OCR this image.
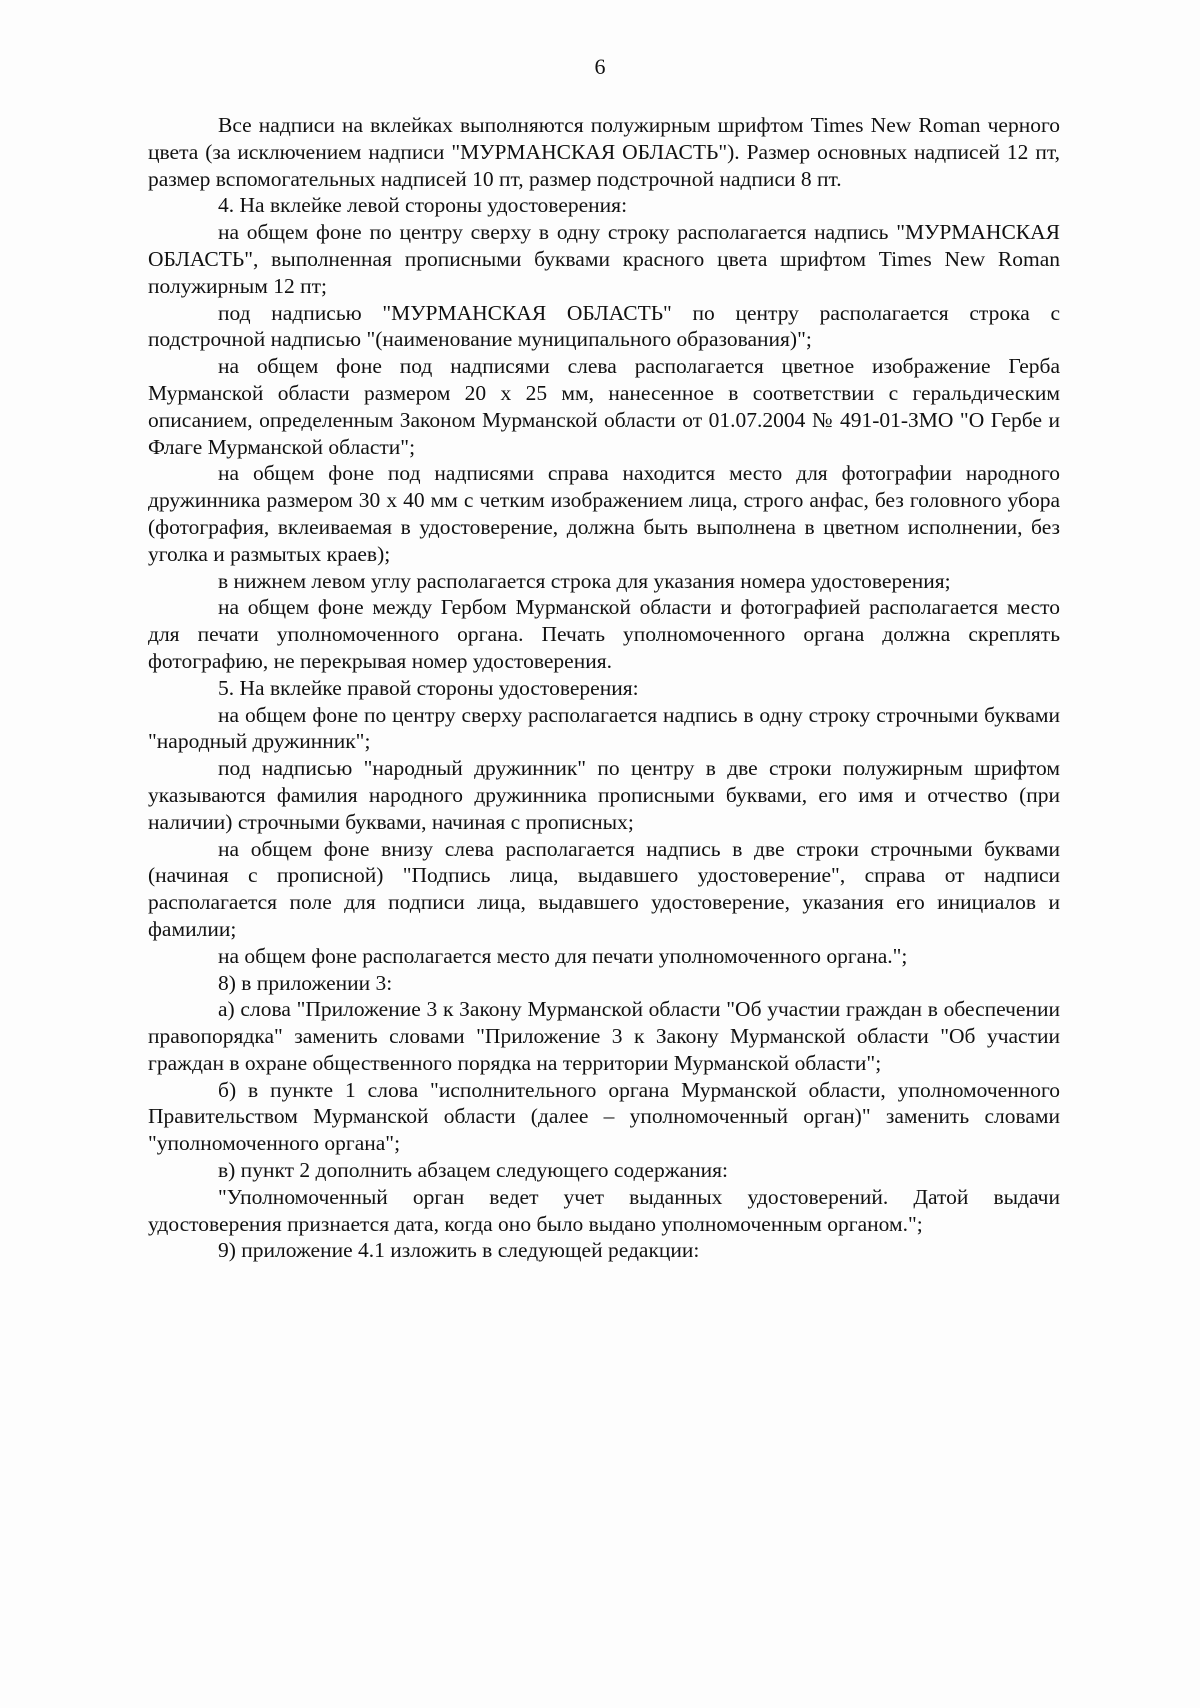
6

Все надписи на вклейках выполняются полужирным шрифтом Times New Roman черного цвета (за исключением надписи "МУРМАНСКАЯ ОБЛАСТЬ"). Размер основных надписей 12 пт, размер вспомогательных надписей 10 пт, размер подстрочной надписи 8 пт.

4. На вклейке левой стороны удостоверения:

на общем фоне по центру сверху в одну строку располагается надпись "МУРМАНСКАЯ ОБЛАСТЬ", выполненная прописными буквами красного цвета шрифтом Times New Roman полужирным 12 пт;

под надписью "МУРМАНСКАЯ ОБЛАСТЬ" по центру располагается строка с подстрочной надписью "(наименование муниципального образования)";

на общем фоне под надписями слева располагается цветное изображение Герба Мурманской области размером 20 х 25 мм, нанесенное в соответствии с геральдическим описанием, определенным Законом Мурманской области от 01.07.2004 № 491-01-ЗМО "О Гербе и Флаге Мурманской области";

на общем фоне под надписями справа находится место для фотографии народного дружинника размером 30 х 40 мм с четким изображением лица, строго анфас, без головного убора (фотография, вклеиваемая в удостоверение, должна быть выполнена в цветном исполнении, без уголка и размытых краев);

в нижнем левом углу располагается строка для указания номера удостоверения;

на общем фоне между Гербом Мурманской области и фотографией располагается место для печати уполномоченного органа. Печать уполномоченного органа должна скреплять фотографию, не перекрывая номер удостоверения.

5. На вклейке правой стороны удостоверения:

на общем фоне по центру сверху располагается надпись в одну строку строчными буквами "народный дружинник";

под надписью "народный дружинник" по центру в две строки полужирным шрифтом указываются фамилия народного дружинника прописными буквами, его имя и отчество (при наличии) строчными буквами, начиная с прописных;

на общем фоне внизу слева располагается надпись в две строки строчными буквами (начиная с прописной) "Подпись лица, выдавшего удостоверение", справа от надписи располагается поле для подписи лица, выдавшего удостоверение, указания его инициалов и фамилии;

на общем фоне располагается место для печати уполномоченного органа.";

8) в приложении 3:

а) слова "Приложение 3 к Закону Мурманской области "Об участии граждан в обеспечении правопорядка" заменить словами "Приложение 3 к Закону Мурманской области "Об участии граждан в охране общественного порядка на территории Мурманской области";

б) в пункте 1 слова "исполнительного органа Мурманской области, уполномоченного Правительством Мурманской области (далее – уполномоченный орган)" заменить словами "уполномоченного органа";

в) пункт 2 дополнить абзацем следующего содержания:

"Уполномоченный орган ведет учет выданных удостоверений. Датой выдачи удостоверения признается дата, когда оно было выдано уполномоченным органом.";

9) приложение 4.1 изложить в следующей редакции:
